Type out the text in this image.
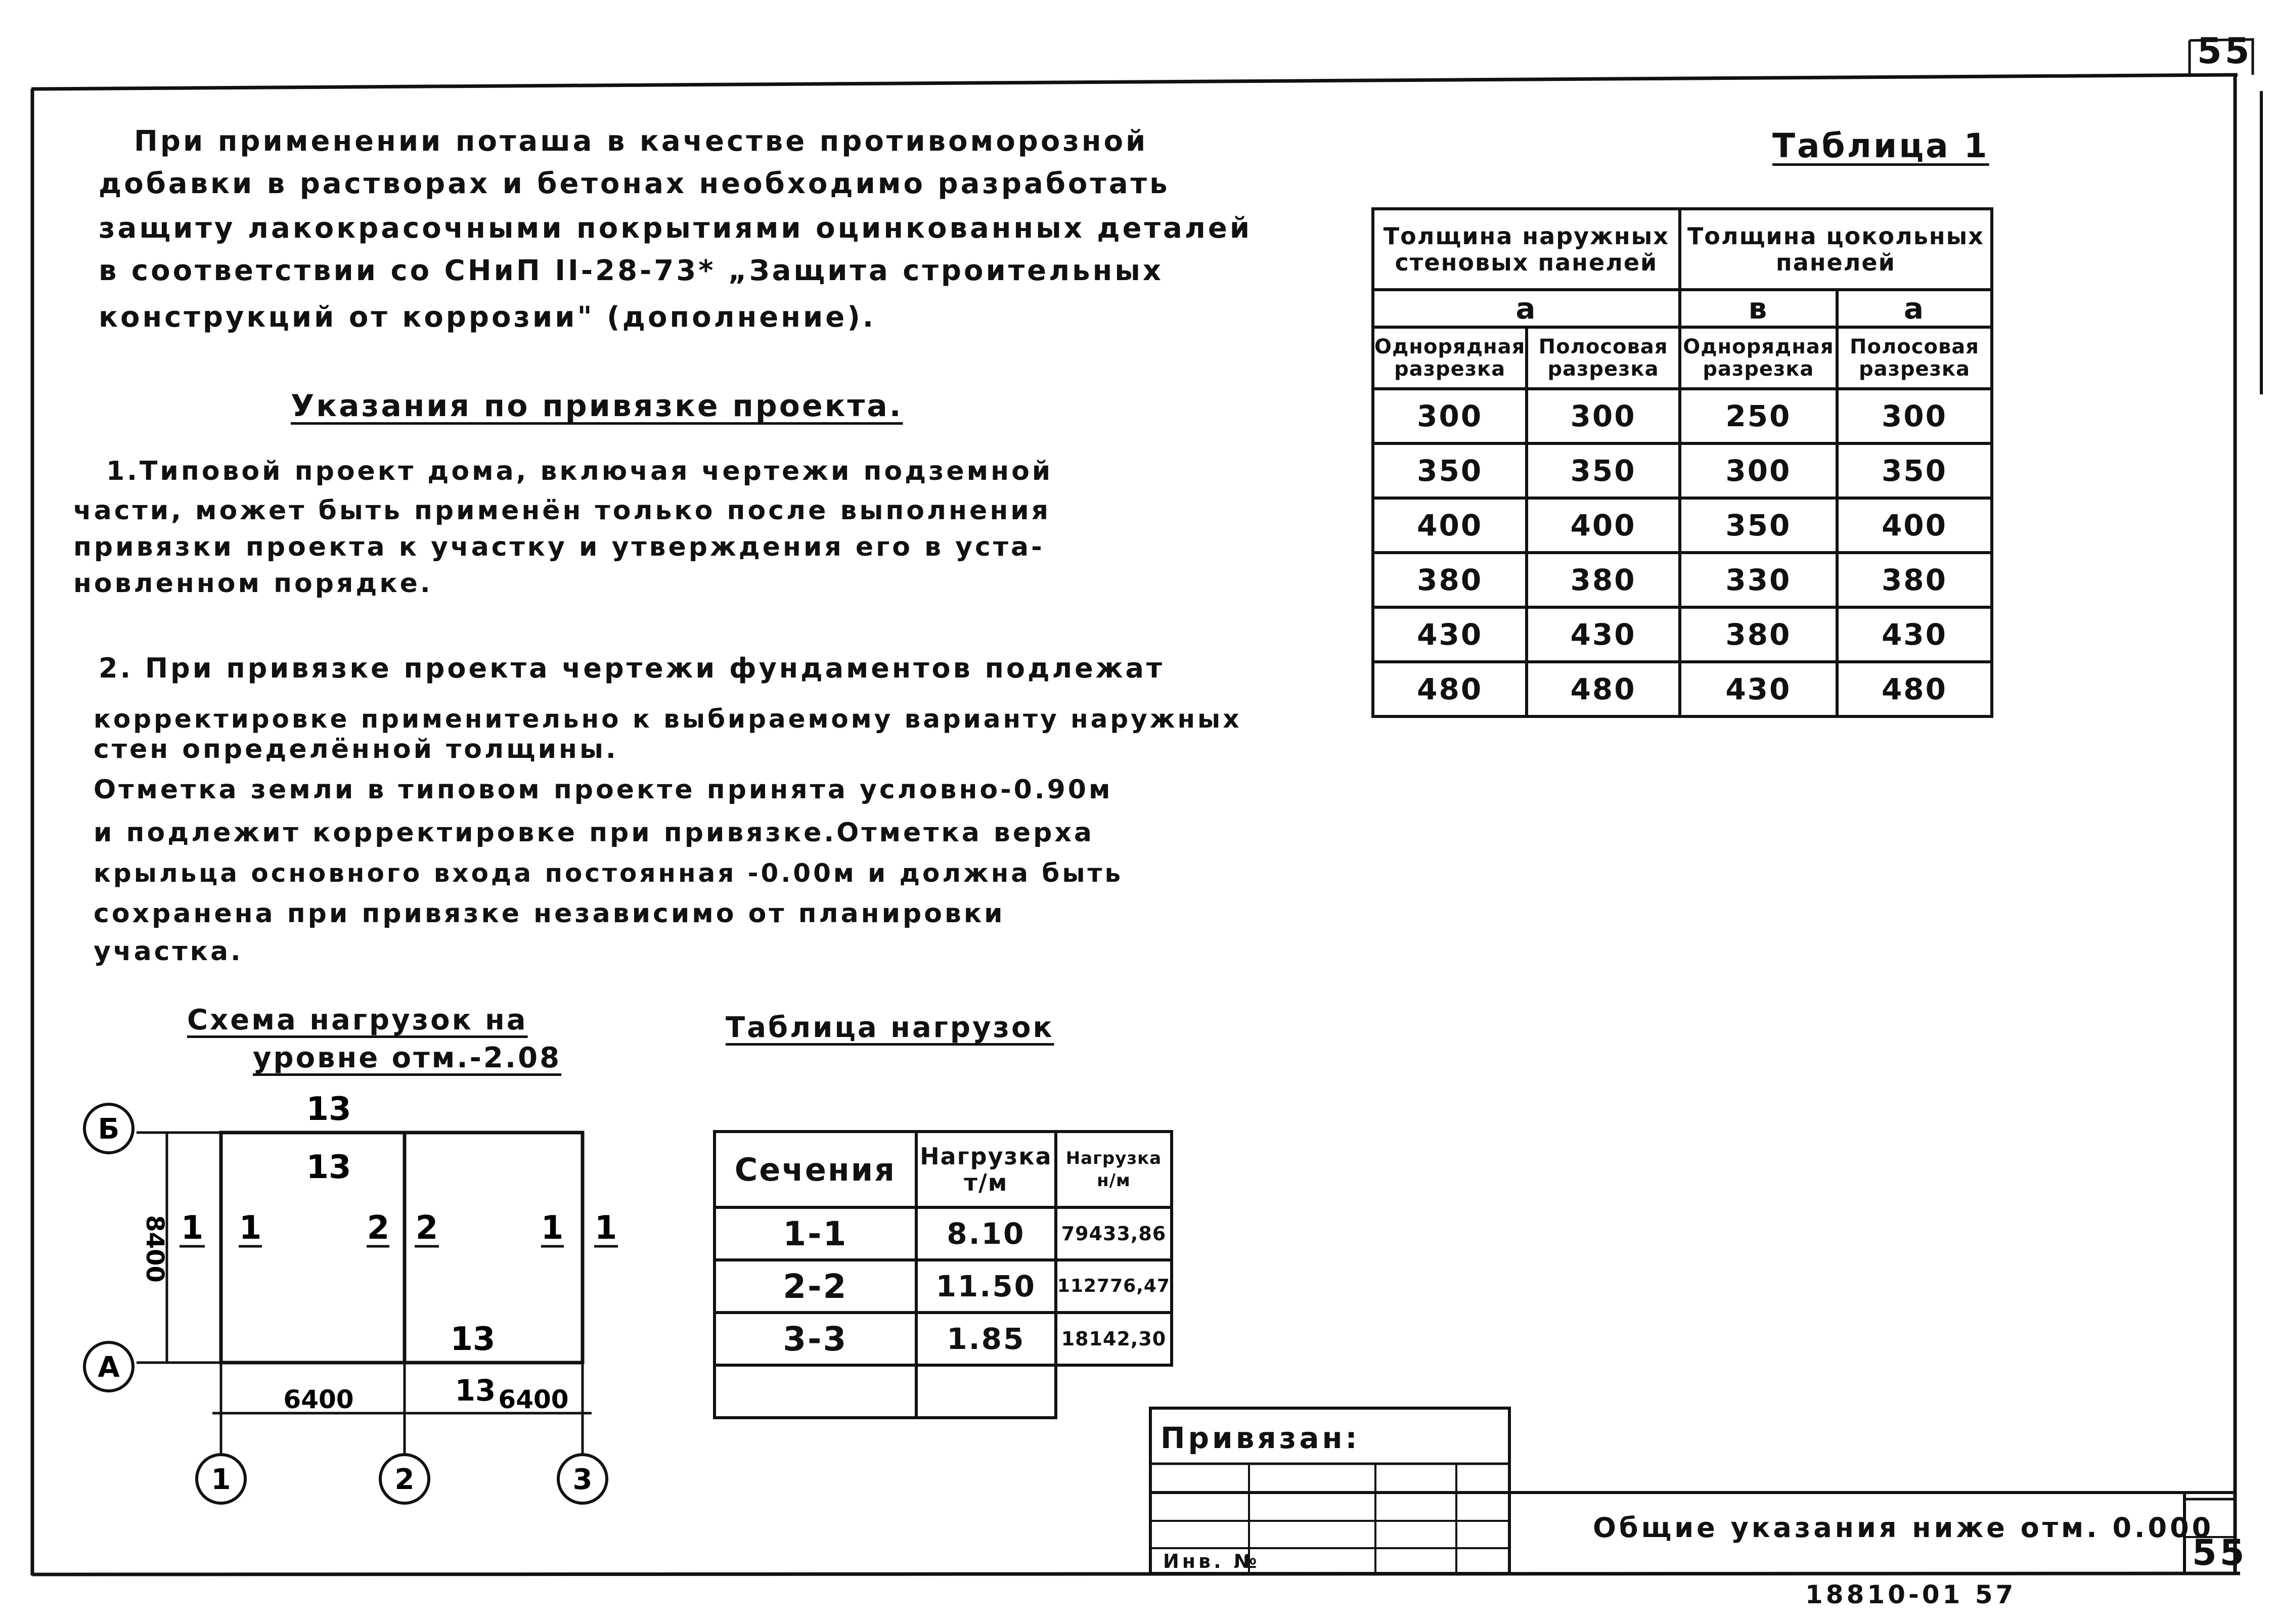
55
55
18810-01 57
При применении поташа в качестве противоморозной
добавки в растворах и бетонах необходимо разработать
защиту лакокрасочными покрытиями оцинкованных деталей
в соответствии со СНиП II-28-73* „Защита строительных
конструкций от коррозии" (дополнение).
Указания по привязке проекта.
1.Типовой проект дома, включая чертежи подземной
части, может быть применён только после выполнения
привязки проекта к участку и утверждения его в уста-
новленном порядке.
2. При привязке проекта чертежи фундаментов подлежат
корректировке применительно к выбираемому варианту наружных
стен определённой толщины.
Отметка земли в типовом проекте принята условно-0.90м
и подлежит корректировке при привязке.Отметка верха
крыльца основного входа постоянная -0.00м и должна быть
сохранена при привязке независимо от планировки
участка.
Таблица 1
Толщина наружных стеновых панелей		Толщина цокольных панелей	
а		в	а
Однорядная разрезка	Полосовая разрезка	Однорядная разрезка	Полосовая разрезка
300	300	250	300
350	350	300	350
400	400	350	400
380	380	330	380
430	430	380	430
480	480	430	480
Схема нагрузок на
уровне отм.-2.08
Б
А
1	2	3
8400
6400	6400
13
13
13
13
1 1	2 2	1 1
Таблица нагрузок
Сечения	Нагрузка т/м	Нагрузка н/м
1-1	8.10	79433,86
2-2	11.50	112776,47
3-3	1.85	18142,30

Привязан:
Инв. №
Общие указания ниже отм. 0.000
